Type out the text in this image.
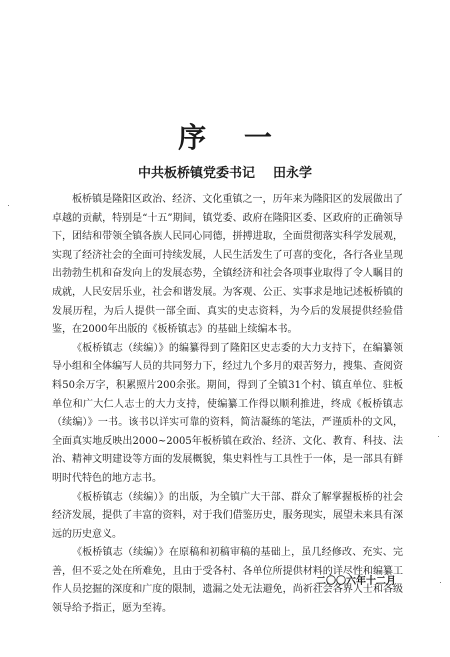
序 一
中共板桥镇党委书记    田永学

板桥镇是隆阳区政治、经济、文化重镇之一，历年来为隆阳区的发展做出了卓越的贡献，特别是“十五”期间，镇党委、政府在隆阳区委、区政府的正确领导下，团结和带领全镇各族人民同心同德，拼搏进取，全面贯彻落实科学发展观，实现了经济社会的全面可持续发展，人民生活发生了可喜的变化，各行各业呈现出勃勃生机和奋发向上的发展态势，全镇经济和社会各项事业取得了令人瞩目的成就，人民安居乐业，社会和谐发展。为客观、公正、实事求是地记述板桥镇的发展历程，为后人提供一部全面、真实的史志资料，为今后的发展提供经验借鉴，在2000年出版的《板桥镇志》的基础上续编本书。

《板桥镇志（续编）》的编纂得到了隆阳区史志委的大力支持下，在编纂领导小组和全体编写人员的共同努力下，经过九个多月的艰苦努力，搜集、查阅资料50余万字，积累照片200余张。期间，得到了全镇31个村、镇直单位、驻板单位和广大仁人志士的大力支持，使编纂工作得以顺利推进，终成《板桥镇志（续编）》一书。该书以详实可靠的资料，简洁凝练的笔法，严谨质朴的文风，全面真实地反映出2000~2005年板桥镇在政治、经济、文化、教育、科技、法治、精神文明建设等方面的发展概貌，集史料性与工具性于一体，是一部具有鲜明时代特色的地方志书。

《板桥镇志（续编）》的出版，为全镇广大干部、群众了解掌握板桥的社会经济发展，提供了丰富的资料，对于我们借鉴历史，服务现实，展望未来具有深远的历史意义。

《板桥镇志（续编）》在原稿和初稿审稿的基础上，虽几经修改、充实、完善，但不妥之处在所难免，且由于受各村、各单位所提供材料的详尽性和编纂工作人员挖掘的深度和广度的限制，遗漏之处无法避免，尚祈社会各界人士和各级领导给予指正，愿为至祷。

二〇〇六年十二月
